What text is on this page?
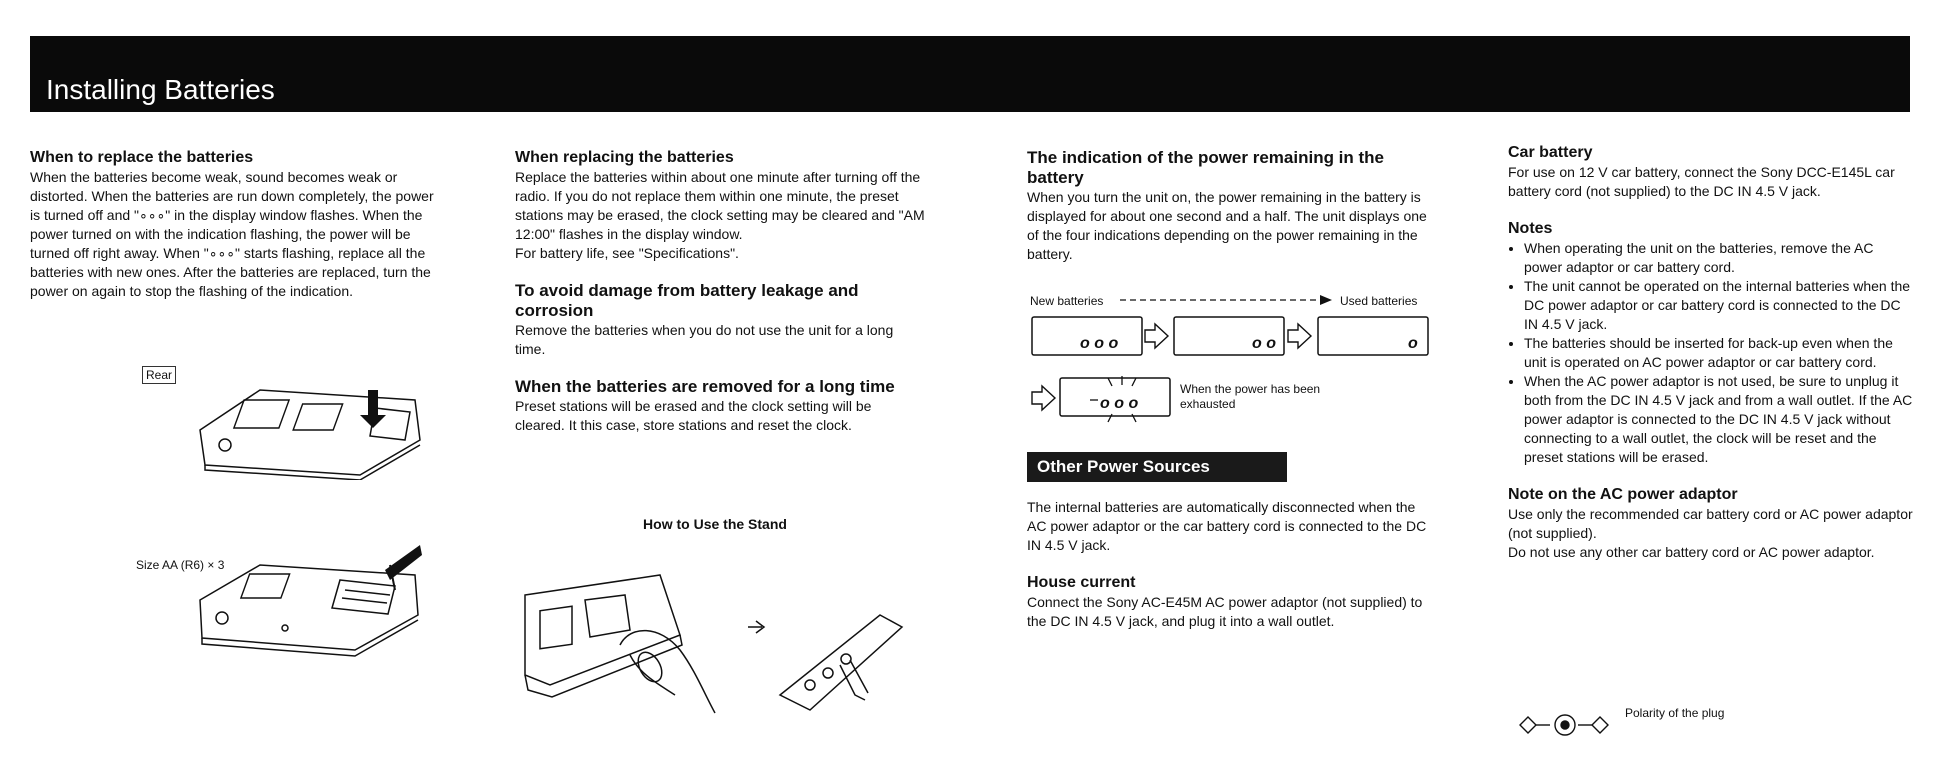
Installing Batteries
When to replace the batteries

When the batteries become weak, sound becomes weak or distorted. When the batteries are run down completely, the power is turned off and "∘∘∘" in the display window flashes. When the power turned on with the indication flashing, the power will be turned off right away. When "∘∘∘" starts flashing, replace all the batteries with new ones. After the batteries are replaced, turn the power on again to stop the flashing of the indication.

Rear
Size AA (R6) × 3
When replacing the batteries

Replace the batteries within about one minute after turning off the radio. If you do not replace them within one minute, the preset stations may be erased, the clock setting may be cleared and "AM 12:00" flashes in the display window.

For battery life, see "Specifications".

To avoid damage from battery leakage and corrosion

Remove the batteries when you do not use the unit for a long time.

When the batteries are removed for a long time

Preset stations will be erased and the clock setting will be cleared. It this case, store stations and reset the clock.

How to Use the Stand
The indication of the power remaining in the battery

When you turn the unit on, the power remaining in the battery is displayed for about one second and a half. The unit displays one of the four indications depending on the power remaining in the battery.

New batteries	Used batteries
o o o	o o	o
o o o
When the power has been exhausted
Other Power Sources

The internal batteries are automatically disconnected when the AC power adaptor or the car battery cord is connected to the DC IN 4.5 V jack.

House current

Connect the Sony AC-E45M AC power adaptor (not supplied) to the DC IN 4.5 V jack, and plug it into a wall outlet.

Car battery

For use on 12 V car battery, connect the Sony DCC-E145L car battery cord (not supplied) to the DC IN 4.5 V jack.

Notes
• When operating the unit on the batteries, remove the AC power adaptor or car battery cord.
• The unit cannot be operated on the internal batteries when the DC power adaptor or car battery cord is connected to the DC IN 4.5 V jack.
• The batteries should be inserted for back-up even when the unit is operated on AC power adaptor or car battery cord.
• When the AC power adaptor is not used, be sure to unplug it both from the DC IN 4.5 V jack and from a wall outlet. If the AC power adaptor is connected to the DC IN 4.5 V jack without connecting to a wall outlet, the clock will be reset and the preset stations will be erased.
Note on the AC power adaptor

Use only the recommended car battery cord or AC power adaptor (not supplied).

Do not use any other car battery cord or AC power adaptor.

Polarity of the plug
